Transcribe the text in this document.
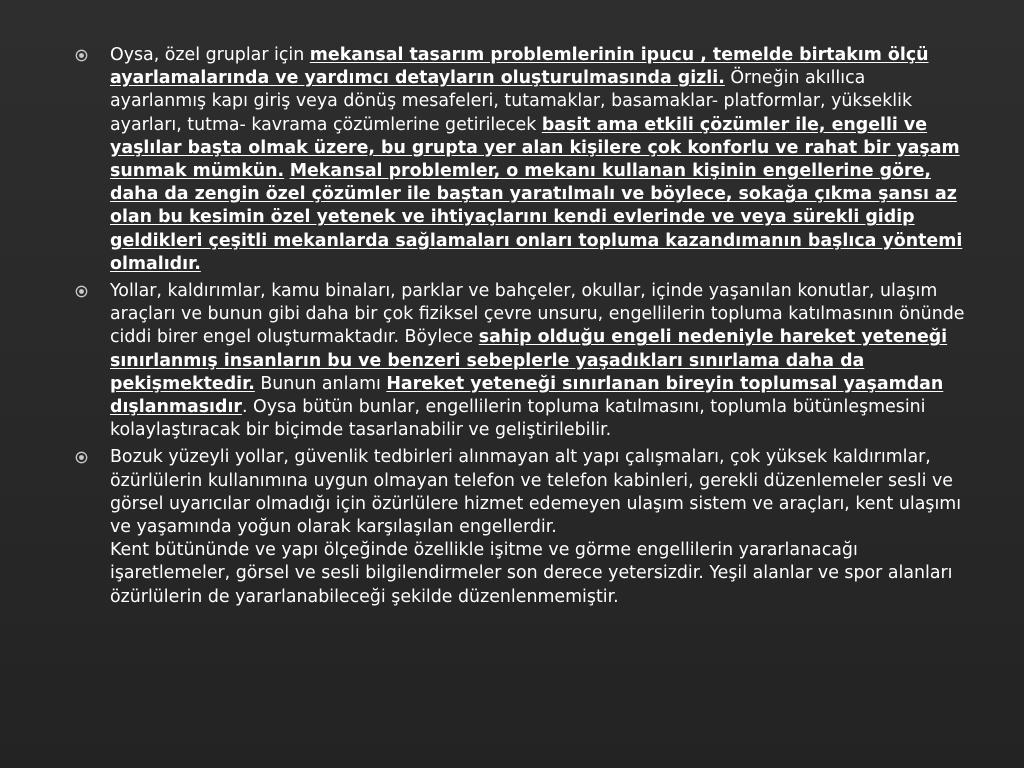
Oysa, özel gruplar için mekansal tasarım problemlerinin ipucu , temelde birtakım ölçü ayarlamalarında ve yardımcı detayların oluşturulmasında gizli. Örneğin akıllıca ayarlanmış kapı giriş veya dönüş mesafeleri, tutamaklar, basamaklar- platformlar, yükseklik ayarları, tutma- kavrama çözümlerine getirilecek basit ama etkili çözümler ile, engelli ve yaşlılar başta olmak üzere, bu grupta yer alan kişilere çok konforlu ve rahat bir yaşam sunmak mümkün. Mekansal problemler, o mekanı kullanan kişinin engellerine göre, daha da zengin özel çözümler ile baştan yaratılmalı ve böylece, sokağa çıkma şansı az olan bu kesimin özel yetenek ve ihtiyaçlarını kendi evlerinde ve veya sürekli gidip geldikleri çeşitli mekanlarda sağlamaları onları topluma kazandımanın başlıca yöntemi olmalıdır.
Yollar, kaldırımlar, kamu binaları, parklar ve bahçeler, okullar, içinde yaşanılan konutlar, ulaşım araçları ve bunun gibi daha bir çok fiziksel çevre unsuru, engellilerin topluma katılmasının önünde ciddi birer engel oluşturmaktadır. Böylece sahip olduğu engeli nedeniyle hareket yeteneği sınırlanmış insanların bu ve benzeri sebeplerle yaşadıkları sınırlama daha da pekişmektedir. Bunun anlamı Hareket yeteneği sınırlanan bireyin toplumsal yaşamdan dışlanmasıdır. Oysa bütün bunlar, engellilerin topluma katılmasını, toplumla bütünleşmesini kolaylaştıracak bir biçimde tasarlanabilir ve geliştirilebilir.
Bozuk yüzeyli yollar, güvenlik tedbirleri alınmayan alt yapı çalışmaları, çok yüksek kaldırımlar, özürlülerin kullanımına uygun olmayan telefon ve telefon kabinleri, gerekli düzenlemeler sesli ve görsel uyarıcılar olmadığı için özürlülere hizmet edemeyen ulaşım sistem ve araçları, kent ulaşımı ve yaşamında yoğun olarak karşılaşılan engellerdir.
Kent bütününde ve yapı ölçeğinde özellikle işitme ve görme engellilerin yararlanacağı işaretlemeler, görsel ve sesli bilgilendirmeler son derece yetersizdir. Yeşil alanlar ve spor alanları özürlülerin de yararlanabileceği şekilde düzenlenmemiştir.
